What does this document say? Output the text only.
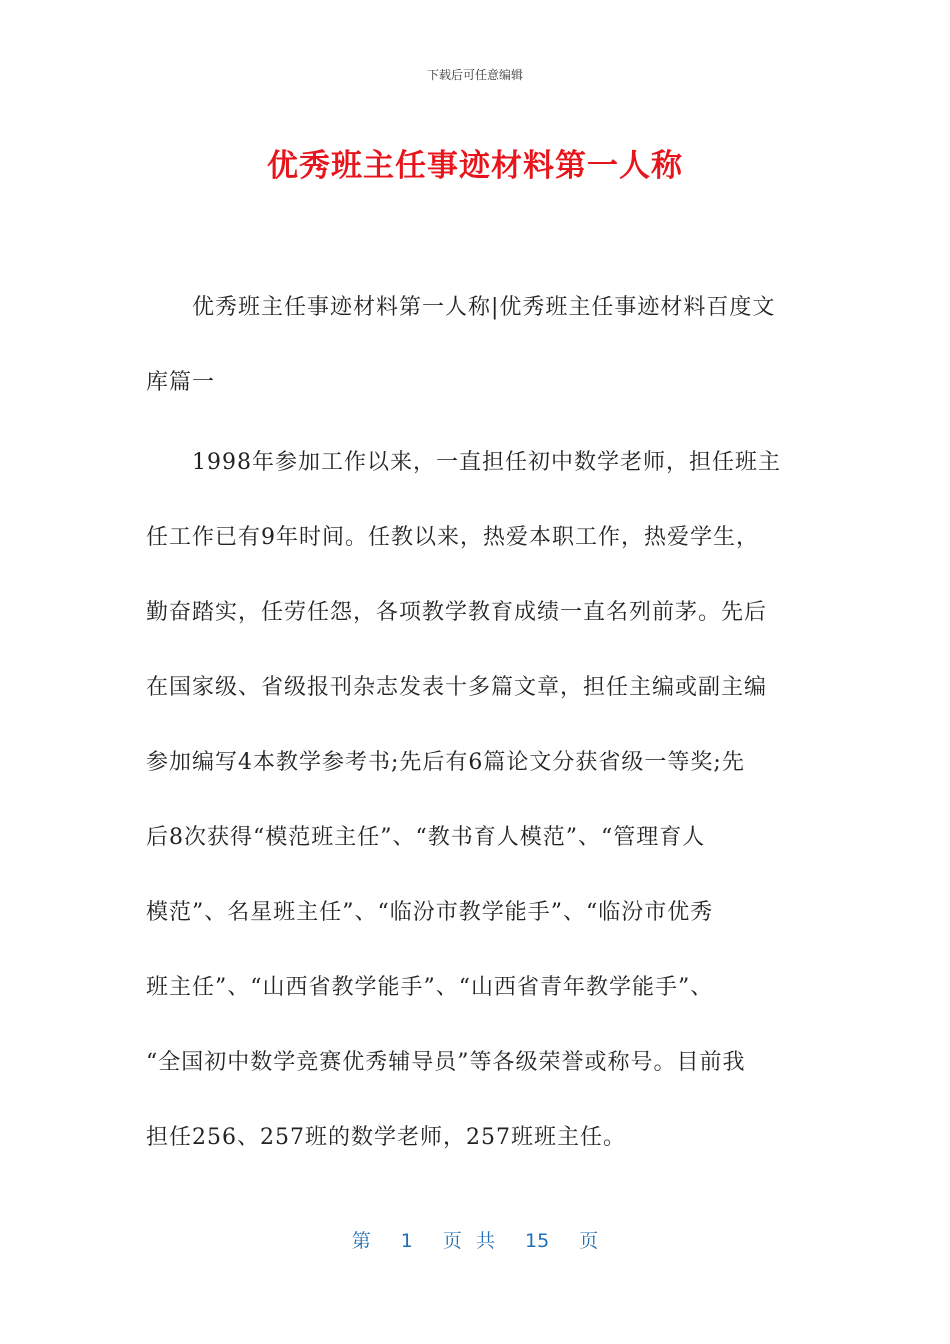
下载后可任意编辑
优秀班主任事迹材料第一人称
优秀班主任事迹材料第一人称|优秀班主任事迹材料百度文
库篇一
1998年参加工作以来，一直担任初中数学老师，担任班主
任工作已有9年时间。任教以来，热爱本职工作，热爱学生，
勤奋踏实，任劳任怨，各项教学教育成绩一直名列前茅。先后
在国家级、省级报刊杂志发表十多篇文章，担任主编或副主编
参加编写4本教学参考书;先后有6篇论文分获省级一等奖;先
后8次获得“模范班主任”、“教书育人模范”、“管理育人
模范”、名星班主任”、“临汾市教学能手”、“临汾市优秀
班主任”、“山西省教学能手”、“山西省青年教学能手”、
“全国初中数学竞赛优秀辅导员”等各级荣誉或称号。目前我
担任256、257班的数学老师，257班班主任。
第 1 页 共 15 页
